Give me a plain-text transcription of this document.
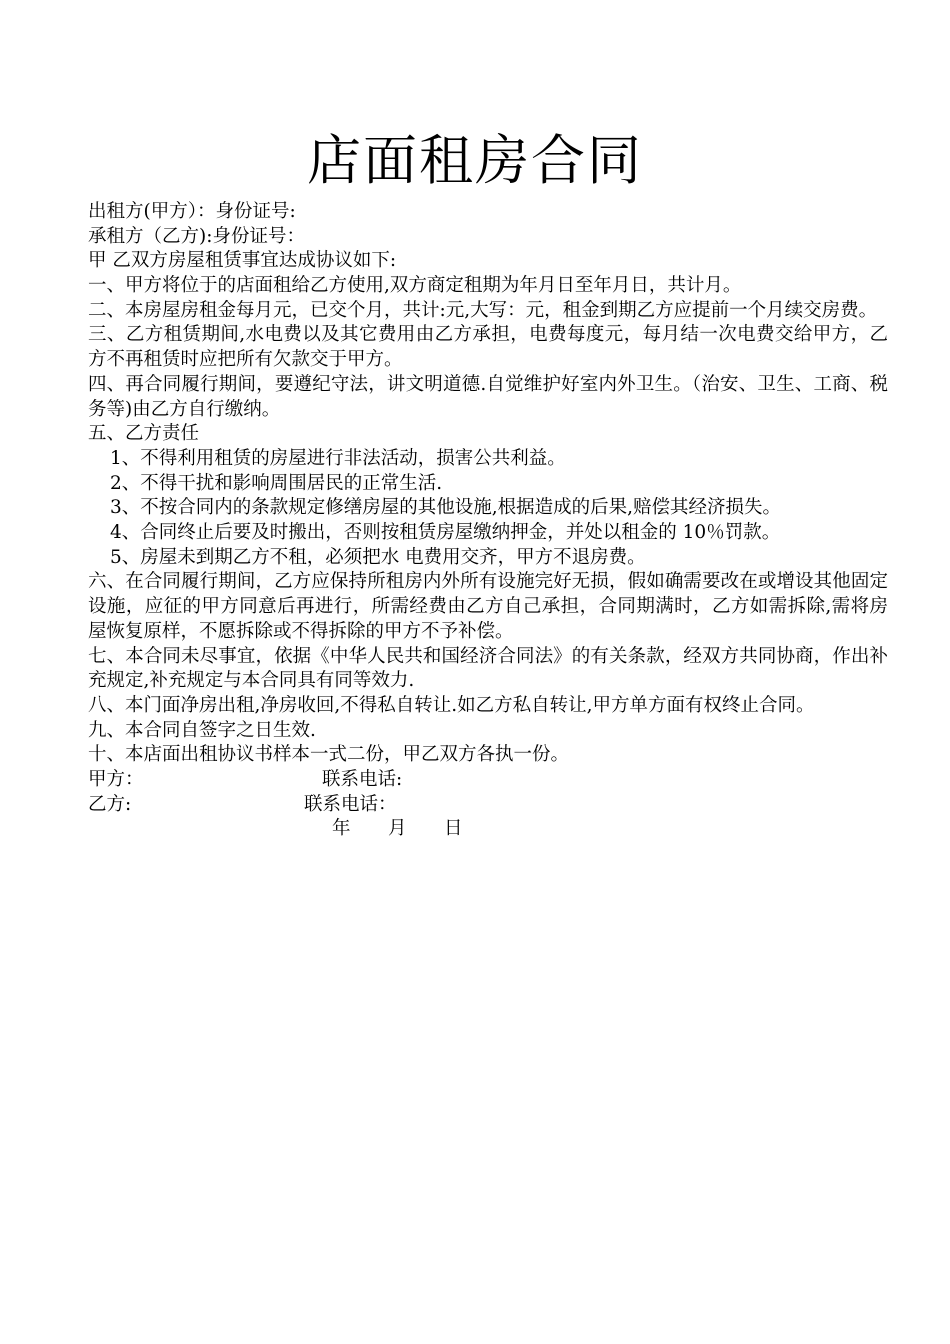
店面租房合同
出租方(甲方）：身份证号:
承租方（乙方):身份证号：
甲 乙双方房屋租赁事宜达成协议如下:
一、甲方将位于的店面租给乙方使用,双方商定租期为年月日至年月日，共计月。
二、本房屋房租金每月元，已交个月，共计:元,大写：元，租金到期乙方应提前一个月续交房费。
三、乙方租赁期间,水电费以及其它费用由乙方承担，电费每度元，每月结一次电费交给甲方，乙方不再租赁时应把所有欠款交于甲方。
四、再合同履行期间，要遵纪守法，讲文明道德.自觉维护好室内外卫生。（治安、卫生、工商、税务等)由乙方自行缴纳。
五、乙方责任
1、不得利用租赁的房屋进行非法活动，损害公共利益。
2、不得干扰和影响周围居民的正常生活.
3、不按合同内的条款规定修缮房屋的其他设施,根据造成的后果,赔偿其经济损失。
4、合同终止后要及时搬出，否则按租赁房屋缴纳押金，并处以租金的 10％罚款。
5、房屋未到期乙方不租，必须把水 电费用交齐，甲方不退房费。
六、在合同履行期间，乙方应保持所租房内外所有设施完好无损，假如确需要改在或增设其他固定设施，应征的甲方同意后再进行，所需经费由乙方自己承担，合同期满时，乙方如需拆除,需将房屋恢复原样，不愿拆除或不得拆除的甲方不予补偿。
七、本合同未尽事宜，依据《中华人民共和国经济合同法》的有关条款，经双方共同协商，作出补充规定,补充规定与本合同具有同等效力.
八、本门面净房出租,净房收回,不得私自转让.如乙方私自转让,甲方单方面有权终止合同。
九、本合同自签字之日生效.
十、本店面出租协议书样本一式二份，甲乙双方各执一份。
甲方：	联系电话:
乙方:	联系电话：
年 月 日
